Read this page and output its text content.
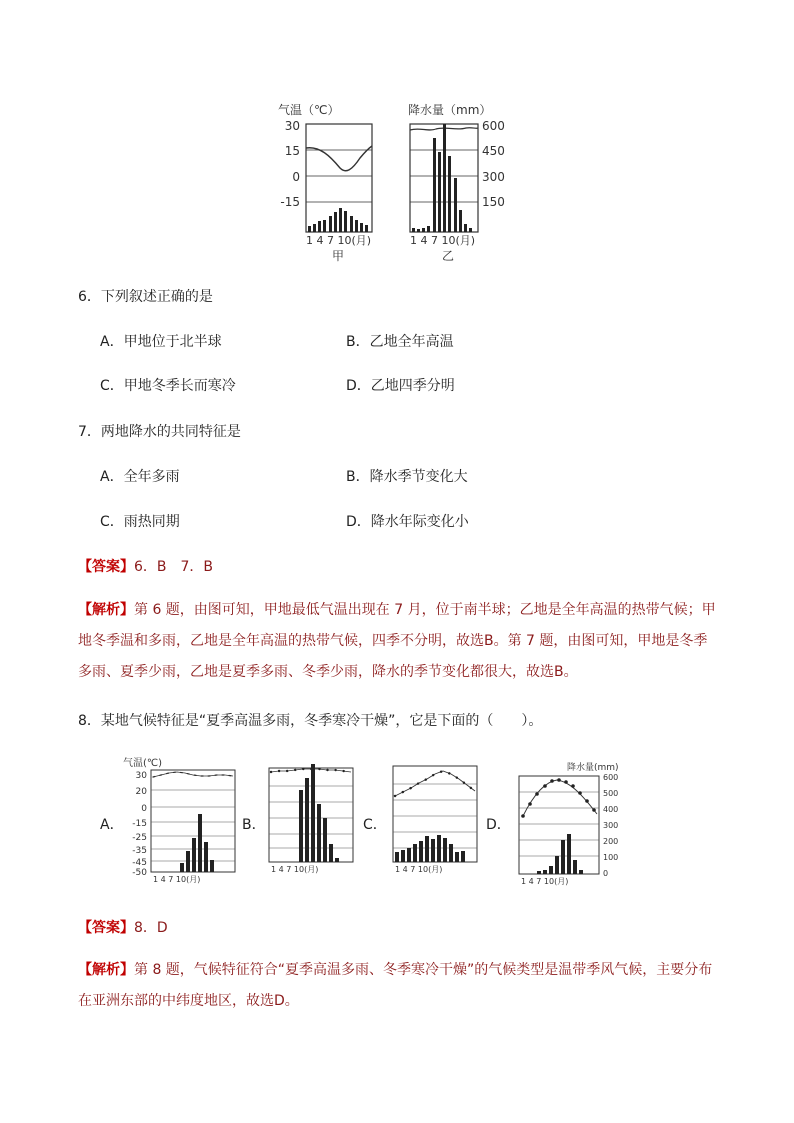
气温（℃）
30
15
0
-15
1 4 7 10(月)
甲
降水量（mm）
600
450
300
150
1 4 7 10(月)
乙
6．下列叙述正确的是
A．甲地位于北半球	B．乙地全年高温
C．甲地冬季长而寒冷	D．乙地四季分明
7．两地降水的共同特征是
A．全年多雨	B．降水季节变化大
C．雨热同期	D．降水年际变化小
【答案】6．B　7．B
【解析】第 6 题，由图可知，甲地最低气温出现在 7 月，位于南半球；乙地是全年高温的热带气候；甲地冬季温和多雨，乙地是全年高温的热带气候，四季不分明，故选B。第 7 题，由图可知，甲地是冬季多雨、夏季少雨，乙地是夏季多雨、冬季少雨，降水的季节变化都很大，故选B。
8．某地气候特征是“夏季高温多雨，冬季寒冷干燥”，它是下面的（　　）。
A．	B．	C．	D．
气温(℃)
30
20
0
-15
-25
-35
-45
-50
1 4 7 10(月)
1 4 7 10(月)	1 4 7 10(月)
降水量(mm)
600
500
400
300
200
100
0
1 4 7 10(月)
【答案】8．D
【解析】第 8 题，气候特征符合“夏季高温多雨、冬季寒冷干燥”的气候类型是温带季风气候，主要分布在亚洲东部的中纬度地区，故选D。
